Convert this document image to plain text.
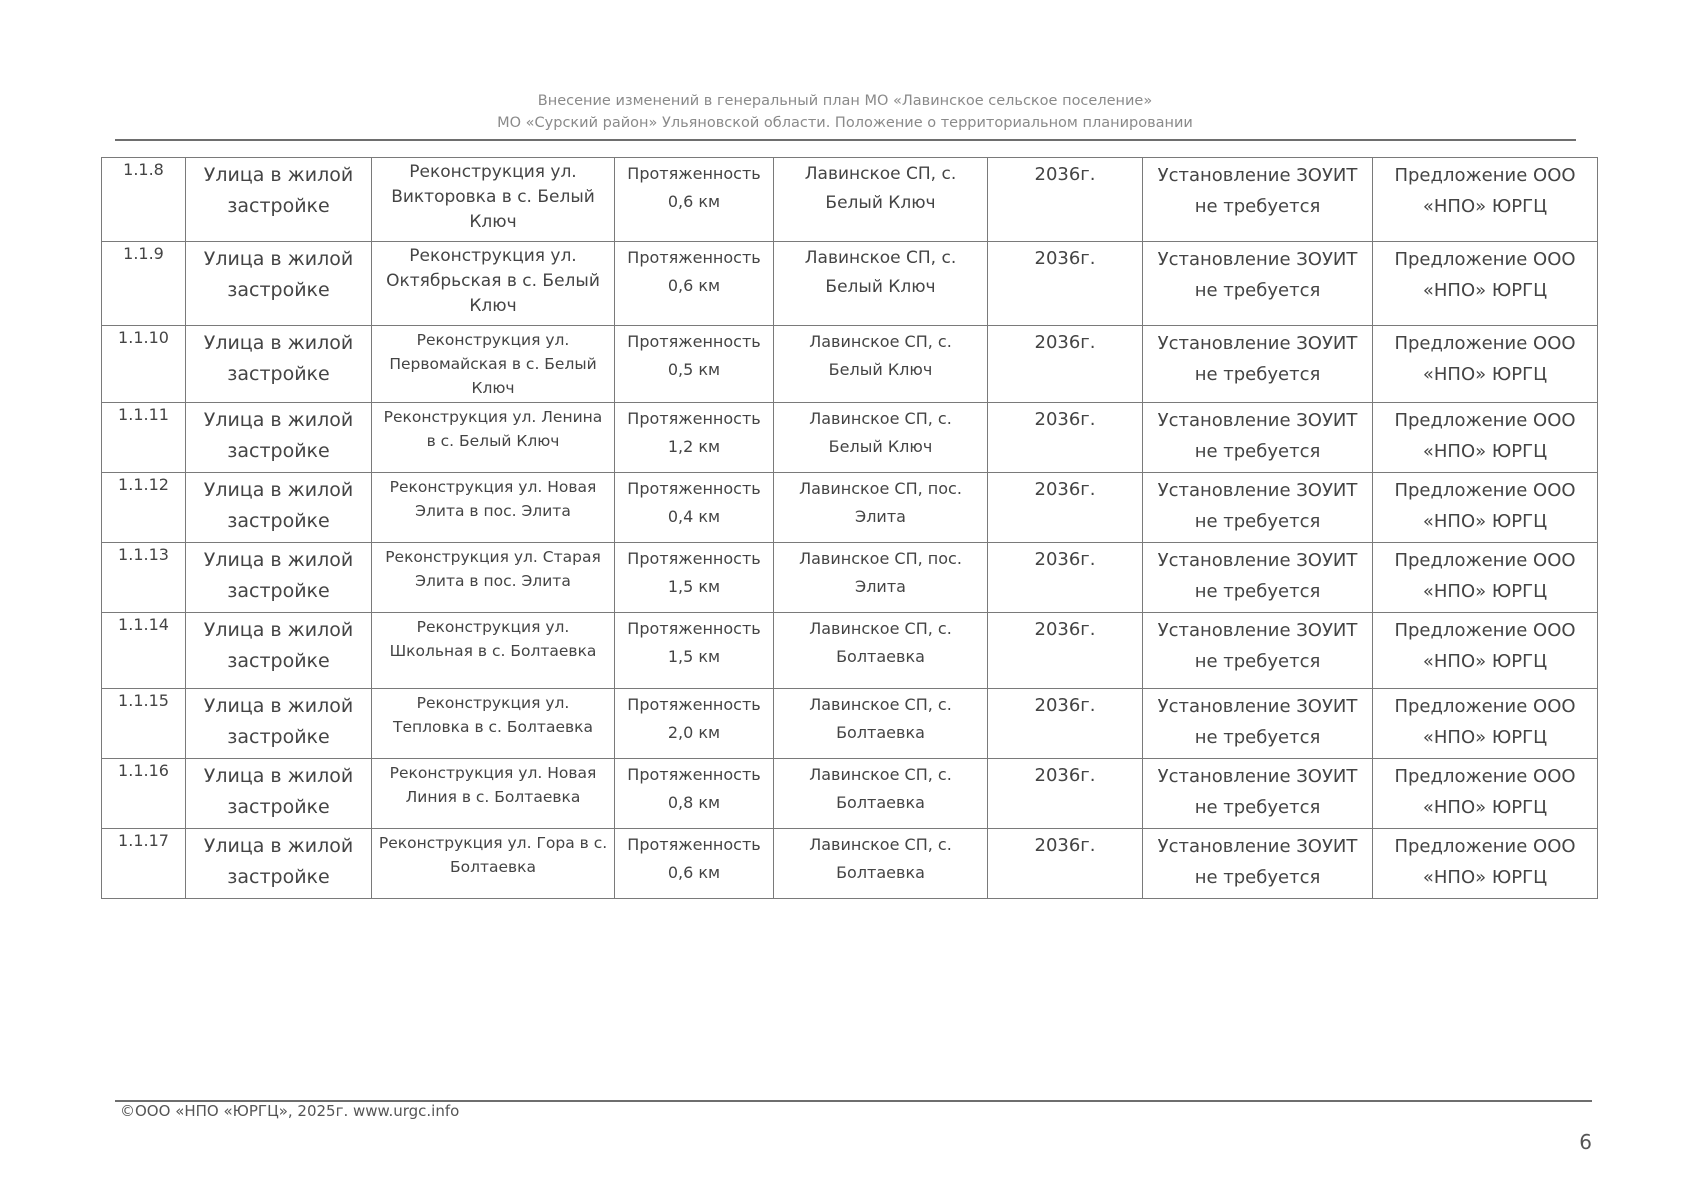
Внесение изменений в генеральный план МО «Лавинское сельское поселение»
МО «Сурский район» Ульяновской области. Положение о территориальном планировании
1.1.8	Улица в жилой застройке	Реконструкция ул. Викторовка в с. Белый Ключ	Протяженность 0,6 км	Лавинское СП, с. Белый Ключ	2036г.	Установление ЗОУИТ не требуется	Предложение ООО «НПО» ЮРГЦ
1.1.9	Улица в жилой застройке	Реконструкция ул. Октябрьская в с. Белый Ключ	Протяженность 0,6 км	Лавинское СП, с. Белый Ключ	2036г.	Установление ЗОУИТ не требуется	Предложение ООО «НПО» ЮРГЦ
1.1.10	Улица в жилой застройке	Реконструкция ул. Первомайская в с. Белый Ключ	Протяженность 0,5 км	Лавинское СП, с. Белый Ключ	2036г.	Установление ЗОУИТ не требуется	Предложение ООО «НПО» ЮРГЦ
1.1.11	Улица в жилой застройке	Реконструкция ул. Ленина в с. Белый Ключ	Протяженность 1,2 км	Лавинское СП, с. Белый Ключ	2036г.	Установление ЗОУИТ не требуется	Предложение ООО «НПО» ЮРГЦ
1.1.12	Улица в жилой застройке	Реконструкция ул. Новая Элита в пос. Элита	Протяженность 0,4 км	Лавинское СП, пос. Элита	2036г.	Установление ЗОУИТ не требуется	Предложение ООО «НПО» ЮРГЦ
1.1.13	Улица в жилой застройке	Реконструкция ул. Старая Элита в пос. Элита	Протяженность 1,5 км	Лавинское СП, пос. Элита	2036г.	Установление ЗОУИТ не требуется	Предложение ООО «НПО» ЮРГЦ
1.1.14	Улица в жилой застройке	Реконструкция ул. Школьная в с. Болтаевка	Протяженность 1,5 км	Лавинское СП, с. Болтаевка	2036г.	Установление ЗОУИТ не требуется	Предложение ООО «НПО» ЮРГЦ
1.1.15	Улица в жилой застройке	Реконструкция ул. Тепловка в с. Болтаевка	Протяженность 2,0 км	Лавинское СП, с. Болтаевка	2036г.	Установление ЗОУИТ не требуется	Предложение ООО «НПО» ЮРГЦ
1.1.16	Улица в жилой застройке	Реконструкция ул. Новая Линия в с. Болтаевка	Протяженность 0,8 км	Лавинское СП, с. Болтаевка	2036г.	Установление ЗОУИТ не требуется	Предложение ООО «НПО» ЮРГЦ
1.1.17	Улица в жилой застройке	Реконструкция ул. Гора в с. Болтаевка	Протяженность 0,6 км	Лавинское СП, с. Болтаевка	2036г.	Установление ЗОУИТ не требуется	Предложение ООО «НПО» ЮРГЦ
©ООО «НПО «ЮРГЦ», 2025г. www.urgc.info
6
